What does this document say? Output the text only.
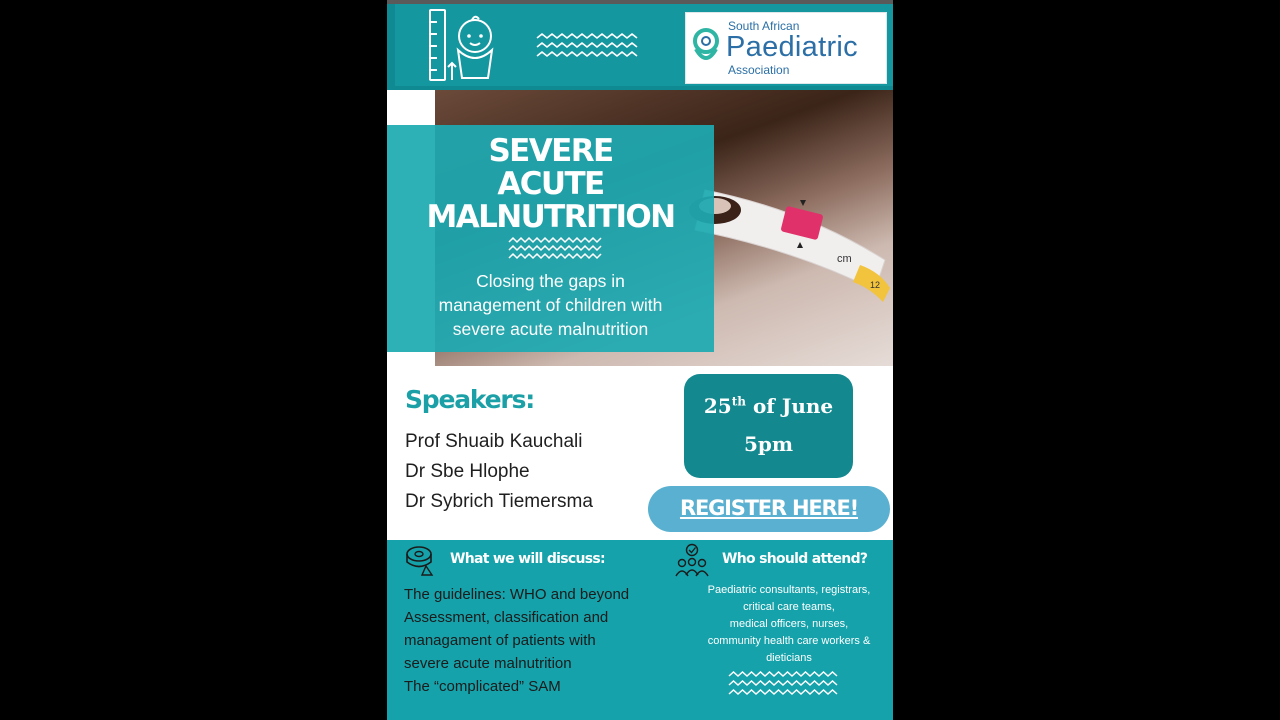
South African
Paediatric
Association
cm
12
SEVERE
ACUTE
MALNUTRITION
Closing the gaps in
management of children with
severe acute malnutrition
Speakers:
Prof Shuaib Kauchali
Dr Sbe Hlophe
Dr Sybrich Tiemersma
25th of June
5pm
REGISTER HERE!
What we will discuss:
The guidelines: WHO and beyond
Assessment, classification and
managament of patients with
severe acute malnutrition
The “complicated” SAM
Who should attend?
Paediatric consultants, registrars,
critical care teams,
medical officers, nurses,
community health care workers &
dieticians
